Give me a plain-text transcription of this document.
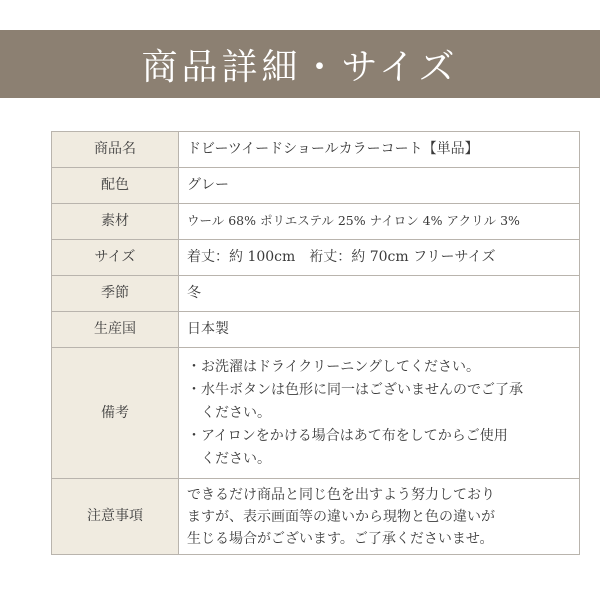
商品詳細・サイズ
商品名	ドビーツイードショールカラーコート【単品】
配色	グレー
素材	ウール 68% ポリエステル 25% ナイロン 4% アクリル 3%
サイズ	着丈：約 100cm　裄丈：約 70cm フリーサイズ
季節	冬
生産国	日本製
備考	・お洗濯はドライクリーニングしてください。
・水牛ボタンは色形に同一はございませんのでご了承
　ください。
・アイロンをかける場合はあて布をしてからご使用
　ください。

注意事項	できるだけ商品と同じ色を出すよう努力しており
ますが、表示画面等の違いから現物と色の違いが
生じる場合がございます。ご了承くださいませ。
